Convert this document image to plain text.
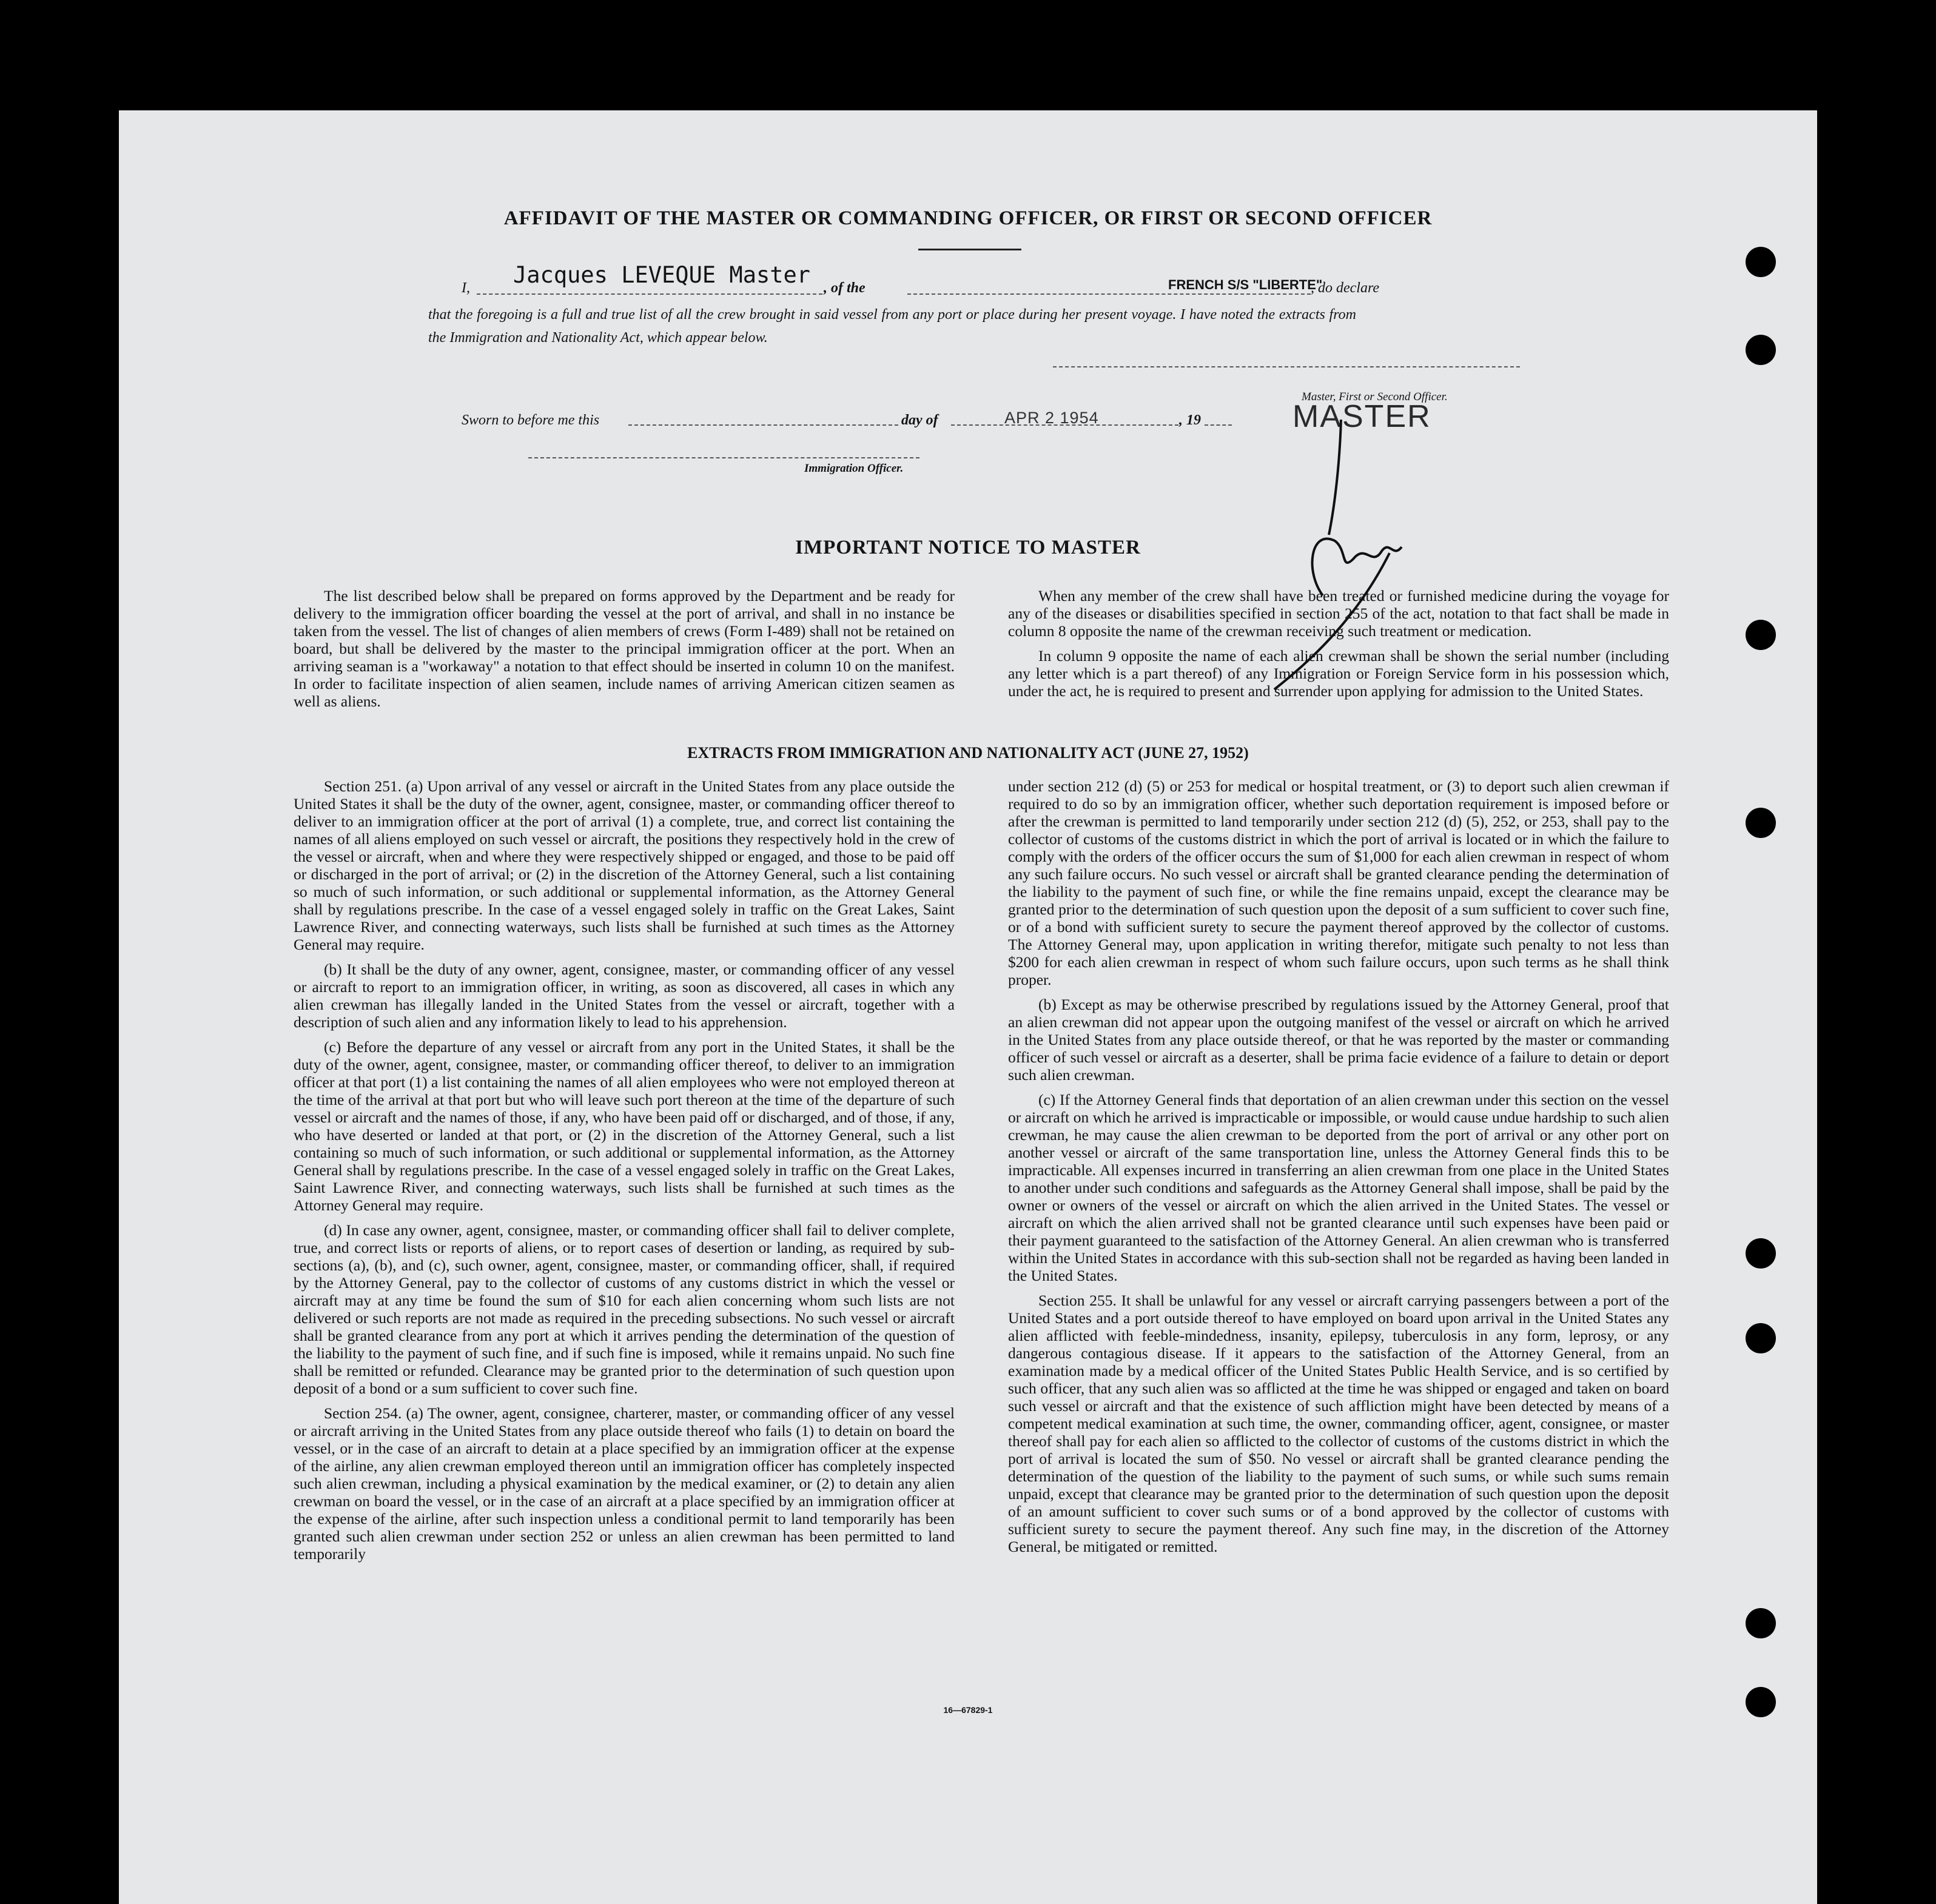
AFFIDAVIT OF THE MASTER OR COMMANDING OFFICER, OR FIRST OR SECOND OFFICER
I, Jacques LEVEQUE Master , of the	FRENCH S/S "LIBERTE"
, do declare
that the foregoing is a full and true list of all the crew brought in said vessel from any port or place during her present voyage. I have noted the extracts from the Immigration and Nationality Act, which appear below.
Master, First or Second Officer.
MASTER
Sworn to before me this	day of	APR 2 1954	, 19
Immigration Officer.
IMPORTANT NOTICE TO MASTER

The list described below shall be prepared on forms approved by the Department and be ready for delivery to the immigration officer boarding the vessel at the port of arrival, and shall in no instance be taken from the vessel. The list of changes of alien members of crews (Form I-489) shall not be retained on board, but shall be delivered by the master to the principal immigration officer at the port. When an arriving seaman is a "workaway" a notation to that effect should be inserted in column 10 on the manifest. In order to facilitate inspection of alien seamen, include names of arriving American citizen seamen as well as aliens.

When any member of the crew shall have been treated or furnished medicine during the voyage for any of the diseases or disabilities specified in section 255 of the act, notation to that fact shall be made in column 8 opposite the name of the crewman receiving such treatment or medication.

In column 9 opposite the name of each alien crewman shall be shown the serial number (including any letter which is a part thereof) of any Immigration or Foreign Service form in his possession which, under the act, he is required to present and surrender upon applying for admission to the United States.

EXTRACTS FROM IMMIGRATION AND NATIONALITY ACT (JUNE 27, 1952)

Section 251. (a) Upon arrival of any vessel or aircraft in the United States from any place outside the United States it shall be the duty of the owner, agent, consignee, master, or commanding officer thereof to deliver to an immigration officer at the port of arrival (1) a complete, true, and correct list containing the names of all aliens employed on such vessel or aircraft, the positions they respectively hold in the crew of the vessel or aircraft, when and where they were respectively shipped or engaged, and those to be paid off or discharged in the port of arrival; or (2) in the discretion of the Attorney General, such a list containing so much of such information, or such additional or supplemental information, as the Attorney General shall by regulations prescribe. In the case of a vessel engaged solely in traffic on the Great Lakes, Saint Lawrence River, and connecting waterways, such lists shall be furnished at such times as the Attorney General may require.

(b) It shall be the duty of any owner, agent, consignee, master, or commanding officer of any vessel or aircraft to report to an immigration officer, in writing, as soon as discovered, all cases in which any alien crewman has illegally landed in the United States from the vessel or aircraft, together with a description of such alien and any information likely to lead to his apprehension.

(c) Before the departure of any vessel or aircraft from any port in the United States, it shall be the duty of the owner, agent, consignee, master, or commanding officer thereof, to deliver to an immigration officer at that port (1) a list containing the names of all alien employees who were not employed thereon at the time of the arrival at that port but who will leave such port thereon at the time of the departure of such vessel or aircraft and the names of those, if any, who have been paid off or discharged, and of those, if any, who have deserted or landed at that port, or (2) in the discretion of the Attorney General, such a list containing so much of such information, or such additional or supplemental information, as the Attorney General shall by regulations prescribe. In the case of a vessel engaged solely in traffic on the Great Lakes, Saint Lawrence River, and connecting waterways, such lists shall be furnished at such times as the Attorney General may require.

(d) In case any owner, agent, consignee, master, or commanding officer shall fail to deliver complete, true, and correct lists or reports of aliens, or to report cases of desertion or landing, as required by sub-sections (a), (b), and (c), such owner, agent, consignee, master, or commanding officer, shall, if required by the Attorney General, pay to the collector of customs of any customs district in which the vessel or aircraft may at any time be found the sum of $10 for each alien concerning whom such lists are not delivered or such reports are not made as required in the preceding subsections. No such vessel or aircraft shall be granted clearance from any port at which it arrives pending the determination of the question of the liability to the payment of such fine, and if such fine is imposed, while it remains unpaid. No such fine shall be remitted or refunded. Clearance may be granted prior to the determination of such question upon deposit of a bond or a sum sufficient to cover such fine.

Section 254. (a) The owner, agent, consignee, charterer, master, or commanding officer of any vessel or aircraft arriving in the United States from any place outside thereof who fails (1) to detain on board the vessel, or in the case of an aircraft to detain at a place specified by an immigration officer at the expense of the airline, any alien crewman employed thereon until an immigration officer has completely inspected such alien crewman, including a physical examination by the medical examiner, or (2) to detain any alien crewman on board the vessel, or in the case of an aircraft at a place specified by an immigration officer at the expense of the airline, after such inspection unless a conditional permit to land temporarily has been granted such alien crewman under section 252 or unless an alien crewman has been permitted to land temporarily

under section 212 (d) (5) or 253 for medical or hospital treatment, or (3) to deport such alien crewman if required to do so by an immigration officer, whether such deportation requirement is imposed before or after the crewman is permitted to land temporarily under section 212 (d) (5), 252, or 253, shall pay to the collector of customs of the customs district in which the port of arrival is located or in which the failure to comply with the orders of the officer occurs the sum of $1,000 for each alien crewman in respect of whom any such failure occurs. No such vessel or aircraft shall be granted clearance pending the determination of the liability to the payment of such fine, or while the fine remains unpaid, except the clearance may be granted prior to the determination of such question upon the deposit of a sum sufficient to cover such fine, or of a bond with sufficient surety to secure the payment thereof approved by the collector of customs. The Attorney General may, upon application in writing therefor, mitigate such penalty to not less than $200 for each alien crewman in respect of whom such failure occurs, upon such terms as he shall think proper.

(b) Except as may be otherwise prescribed by regulations issued by the Attorney General, proof that an alien crewman did not appear upon the outgoing manifest of the vessel or aircraft on which he arrived in the United States from any place outside thereof, or that he was reported by the master or commanding officer of such vessel or aircraft as a deserter, shall be prima facie evidence of a failure to detain or deport such alien crewman.

(c) If the Attorney General finds that deportation of an alien crewman under this section on the vessel or aircraft on which he arrived is impracticable or impossible, or would cause undue hardship to such alien crewman, he may cause the alien crewman to be deported from the port of arrival or any other port on another vessel or aircraft of the same transportation line, unless the Attorney General finds this to be impracticable. All expenses incurred in transferring an alien crewman from one place in the United States to another under such conditions and safeguards as the Attorney General shall impose, shall be paid by the owner or owners of the vessel or aircraft on which the alien arrived in the United States. The vessel or aircraft on which the alien arrived shall not be granted clearance until such expenses have been paid or their payment guaranteed to the satisfaction of the Attorney General. An alien crewman who is transferred within the United States in accordance with this sub-section shall not be regarded as having been landed in the United States.

Section 255. It shall be unlawful for any vessel or aircraft carrying passengers between a port of the United States and a port outside thereof to have employed on board upon arrival in the United States any alien afflicted with feeble-mindedness, insanity, epilepsy, tuberculosis in any form, leprosy, or any dangerous contagious disease. If it appears to the satisfaction of the Attorney General, from an examination made by a medical officer of the United States Public Health Service, and is so certified by such officer, that any such alien was so afflicted at the time he was shipped or engaged and taken on board such vessel or aircraft and that the existence of such affliction might have been detected by means of a competent medical examination at such time, the owner, commanding officer, agent, consignee, or master thereof shall pay for each alien so afflicted to the collector of customs of the customs district in which the port of arrival is located the sum of $50. No vessel or aircraft shall be granted clearance pending the determination of the question of the liability to the payment of such sums, or while such sums remain unpaid, except that clearance may be granted prior to the determination of such question upon the deposit of an amount sufficient to cover such sums or of a bond approved by the collector of customs with sufficient surety to secure the payment thereof. Any such fine may, in the discretion of the Attorney General, be mitigated or remitted.

16—67829-1
